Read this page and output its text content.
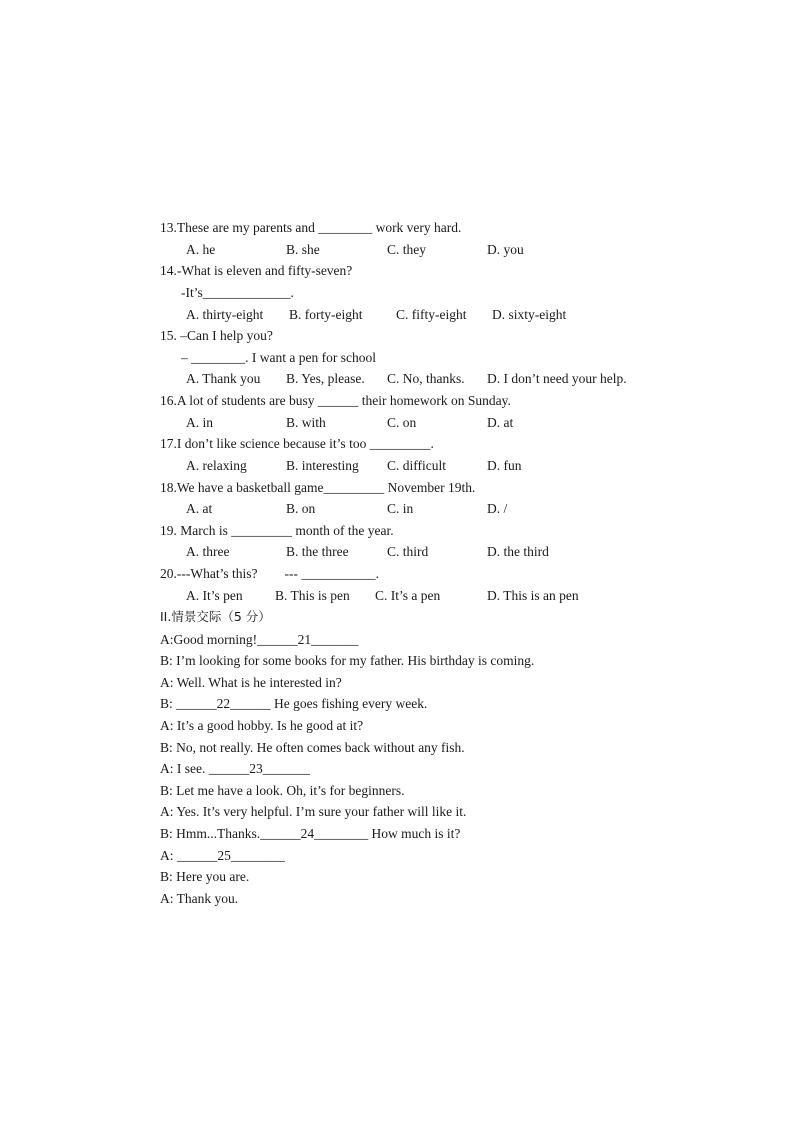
13.These are my parents and ________ work very hard.
A. he	B. she	C. they	D. you
14.-What is eleven and fifty-seven?
-It’s_____________.
A. thirty-eight B. forty-eight C. fifty-eight D. sixty-eight
15. –Can I help you?
– ________. I want a pen for school
A. Thank you B. Yes, please. C. No, thanks. D. I don’t need your help.
16.A lot of students are busy ______ their homework on Sunday.
A. in	B. with	C. on	D. at
17.I don’t like science because it’s too _________.
A. relaxing	B. interesting C. difficult	D. fun
18.We have a basketball game_________ November 19th.
A. at	B. on	C. in	D. /
19. March is _________ month of the year.
A. three	B. the three	C. third	D. the third
20.---What’s this?        --- ___________.
A. It’s pen B. This is pen C. It’s a pen	D. This is an pen
II.情景交际（5 分）
A:Good morning!______21_______
B: I’m looking for some books for my father. His birthday is coming.
A: Well. What is he interested in?
B: ______22______ He goes fishing every week.
A: It’s a good hobby. Is he good at it?
B: No, not really. He often comes back without any fish.
A: I see. ______23_______
B: Let me have a look. Oh, it’s for beginners.
A: Yes. It’s very helpful. I’m sure your father will like it.
B: Hmm...Thanks.______24________ How much is it?
A: ______25________
B: Here you are.
A: Thank you.
